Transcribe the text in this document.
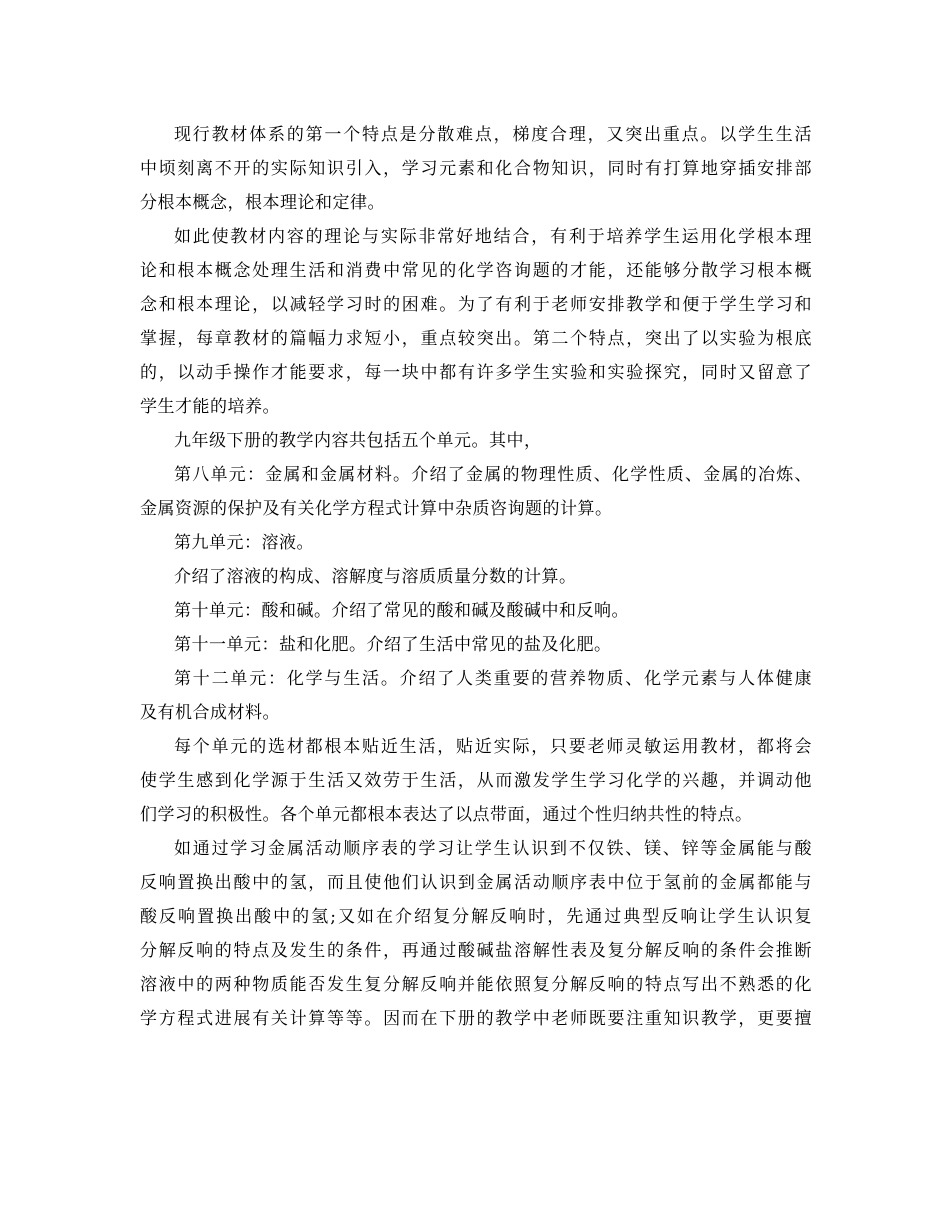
现行教材体系的第一个特点是分散难点，梯度合理，又突出重点。以学生生活
中顷刻离不开的实际知识引入，学习元素和化合物知识，同时有打算地穿插安排部
分根本概念，根本理论和定律。
如此使教材内容的理论与实际非常好地结合，有利于培养学生运用化学根本理
论和根本概念处理生活和消费中常见的化学咨询题的才能，还能够分散学习根本概
念和根本理论，以减轻学习时的困难。为了有利于老师安排教学和便于学生学习和
掌握，每章教材的篇幅力求短小，重点较突出。第二个特点，突出了以实验为根底
的，以动手操作才能要求，每一块中都有许多学生实验和实验探究，同时又留意了
学生才能的培养。
九年级下册的教学内容共包括五个单元。其中，
第八单元：金属和金属材料。介绍了金属的物理性质、化学性质、金属的冶炼、
金属资源的保护及有关化学方程式计算中杂质咨询题的计算。
第九单元：溶液。
介绍了溶液的构成、溶解度与溶质质量分数的计算。
第十单元：酸和碱。介绍了常见的酸和碱及酸碱中和反响。
第十一单元：盐和化肥。介绍了生活中常见的盐及化肥。
第十二单元：化学与生活。介绍了人类重要的营养物质、化学元素与人体健康
及有机合成材料。
每个单元的选材都根本贴近生活，贴近实际，只要老师灵敏运用教材，都将会
使学生感到化学源于生活又效劳于生活，从而激发学生学习化学的兴趣，并调动他
们学习的积极性。各个单元都根本表达了以点带面，通过个性归纳共性的特点。
如通过学习金属活动顺序表的学习让学生认识到不仅铁、镁、锌等金属能与酸
反响置换出酸中的氢，而且使他们认识到金属活动顺序表中位于氢前的金属都能与
酸反响置换出酸中的氢;又如在介绍复分解反响时，先通过典型反响让学生认识复
分解反响的特点及发生的条件，再通过酸碱盐溶解性表及复分解反响的条件会推断
溶液中的两种物质能否发生复分解反响并能依照复分解反响的特点写出不熟悉的化
学方程式进展有关计算等等。因而在下册的教学中老师既要注重知识教学，更要擅
